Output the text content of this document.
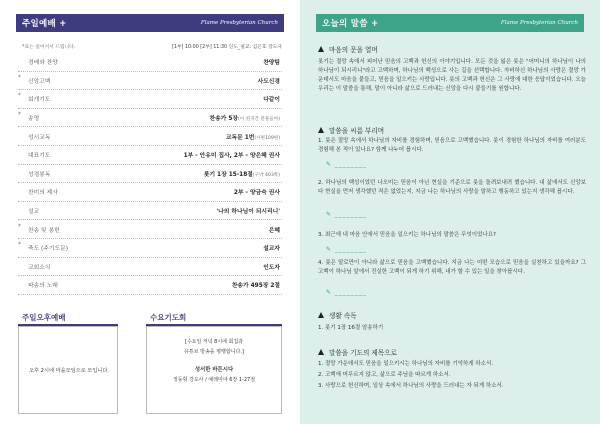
주일예배 +	Flame Presbyterian Church
*표는 일어서서 드립니다.	[1부] 10:00 [2부] 11:30 인도_설교: 김은호 강도사
경배와 찬양	찬양팀
* 신앙고백	사도신경
* 회개기도	다같이
* 송영	찬송가 5장(이 천지간 만물들아)
성시교독	교독문 1번(시편109편)
대표기도	1부 - 안유미 집사, 2부 - 양은혜 권사
성경봉독	룻기 1장 15-18절(구약 403쪽)
찬미의 제사	2부 - 양금숙 권사
설교	'나의 하나님이 되시리니'
* 찬송 및 봉헌	은혜
* 축도 (주기도문)	설교자
교회소식	인도자
파송의 노래	찬송가 495장 2절
주일오후예배
오후 2시에 마을모임으로 모입니다.
수요기도회
[수요일 저녁 8시에 회집과
유튜브 방송을 병행합니다.]
성서한 바튼시다
정동휘 강도사 / 예레미야 6장 1-27절
오늘의 말씀 +	Flame Presbyterian Church
마음의 문을 열며
롯기는 절망 속에서 피어난 믿음의 고백과 헌신의 이야기입니다. 모든 것을 잃은 룻은 "어머니의 하나님이 나의 하나님이 되시리니"라고 고백하며, 하나님의 백성으로 사는 길을 선택합니다. 자비하신 하나님의 사랑은 절망 가운데서도 마음을 붙들고, 믿음을 일으키는 사랑입니다. 룻의 고백과 헌신은 그 사랑에 대한 응답이었습니다. 오늘 우리는 이 말씀을 통해, 말이 아니라 삶으로 드러내는 신앙을 다시 붙들기를 원합니다.
말씀을 씨름 부리며
1. 룻은 절망 속에서 하나님의 자비를 경험하며, 믿음으로 고백했습니다. 룻이 경험한 하나님의 자비를 여러분도 경험해 본 적이 있나요? 함께 나누어 봅시다.
✎ ________
2. 하나님의 백성이었던 나오미는 믿음이 아닌 현실을 기준으로 룻을 돌려보내려 했습니다. 내 삶에서도 신앙보다 현실을 먼저 생각했던 적은 없었는지, 지금 나는 하나님의 사랑을 말하고 행동하고 있는지 생각해 봅시다.
✎ ________
3. 최근에 내 마음 안에서 믿음을 일으키는 하나님의 말씀은 무엇이었나요?
✎ ________
4. 룻은 말로만이 아니라 삶으로 믿음을 고백했습니다. 지금 나는 어떤 모습으로 믿음을 실천하고 있을까요? 그 고백이 하나님 앞에서 진실한 고백이 되게 하기 위해, 내가 할 수 있는 일을 찾아봅시다.
✎ ________
생활 속독
1. 룻기 1장 16절 암송하기
말씀을 기도의 제목으로
1. 절망 가운데서도 믿음을 일으키시는 하나님의 자비를 기억하게 하소서.
2. 고백에 머무르지 않고, 삶으로 주님을 따르게 하소서.
3. 사랑으로 헌신하며, 일상 속에서 하나님의 사랑을 드러내는 자 되게 하소서.
